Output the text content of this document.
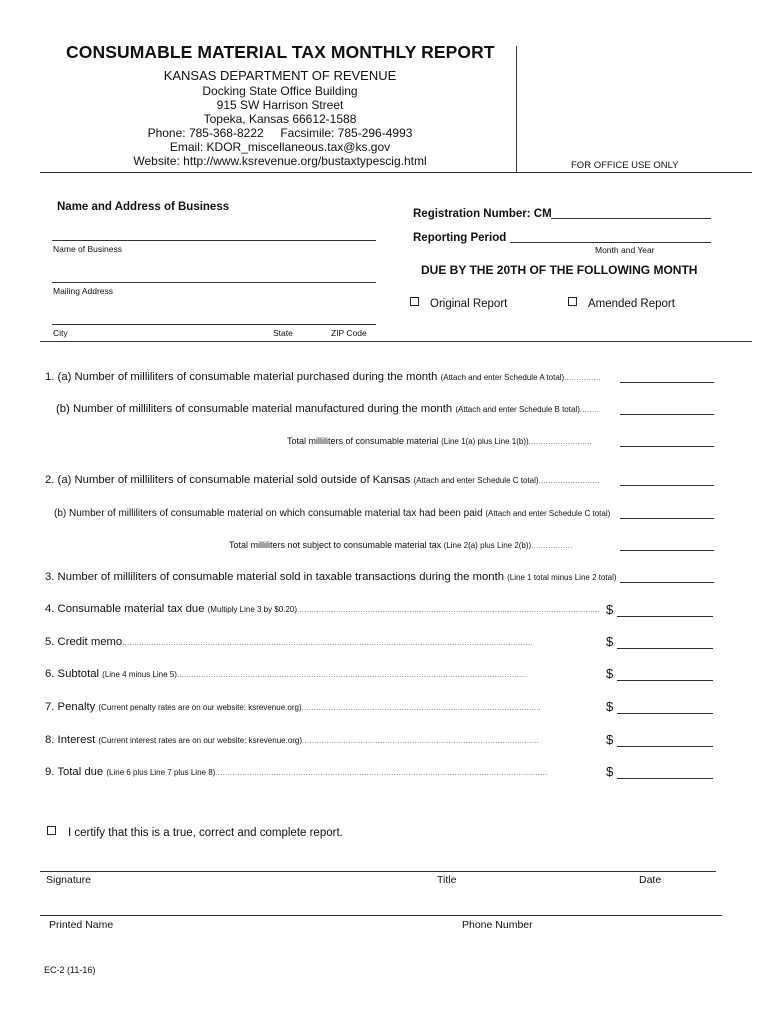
CONSUMABLE MATERIAL TAX MONTHLY REPORT
KANSAS DEPARTMENT OF REVENUE
Docking State Office Building
915 SW Harrison Street
Topeka, Kansas 66612-1588
Phone: 785-368-8222     Facsimile: 785-296-4993
Email: KDOR_miscellaneous.tax@ks.gov
Website: http://www.ksrevenue.org/bustaxtypescig.html	FOR OFFICE USE ONLY
Name and Address of Business
Name of Business
Mailing Address
City	State	ZIP Code
Registration Number: CM
Reporting Period
Month and Year
DUE BY THE 20TH OF THE FOLLOWING MONTH
Original Report	Amended Report
1. (a) Number of milliliters of consumable material purchased during the month (Attach and enter Schedule A total)...............
(b) Number of milliliters of consumable material manufactured during the month (Attach and enter Schedule B total)........
Total milliliters of consumable material (Line 1(a) plus Line 1(b))..........................
2. (a) Number of milliliters of consumable material sold outside of Kansas (Attach and enter Schedule C total).........................
(b) Number of milliliters of consumable material on which consumable material tax had been paid (Attach and enter Schedule C total)
Total milliliters not subject to consumable material tax (Line 2(a) plus Line 2(b)).................
3. Number of milliliters of consumable material sold in taxable transactions during the month (Line 1 total minus Line 2 total)
4. Consumable material tax due (Multiply Line 3 by $0.20)............................................................................................................................ $
5. Credit memo........................................................................................................................................................................	$
6. Subtotal (Line 4 minus Line 5)...............................................................................................................................................	$
7. Penalty (Current penalty rates are on our website: ksrevenue.org)..................................................................................................	$
8. Interest (Current interest rates are on our website: ksrevenue.org).................................................................................................	$
9. Total due (Line 6 plus Line 7 plus Line 8)........................................................................................................................................	$
I certify that this is a true, correct and complete report.
Signature	Title	Date
Printed Name	Phone Number
EC-2 (11-16)
